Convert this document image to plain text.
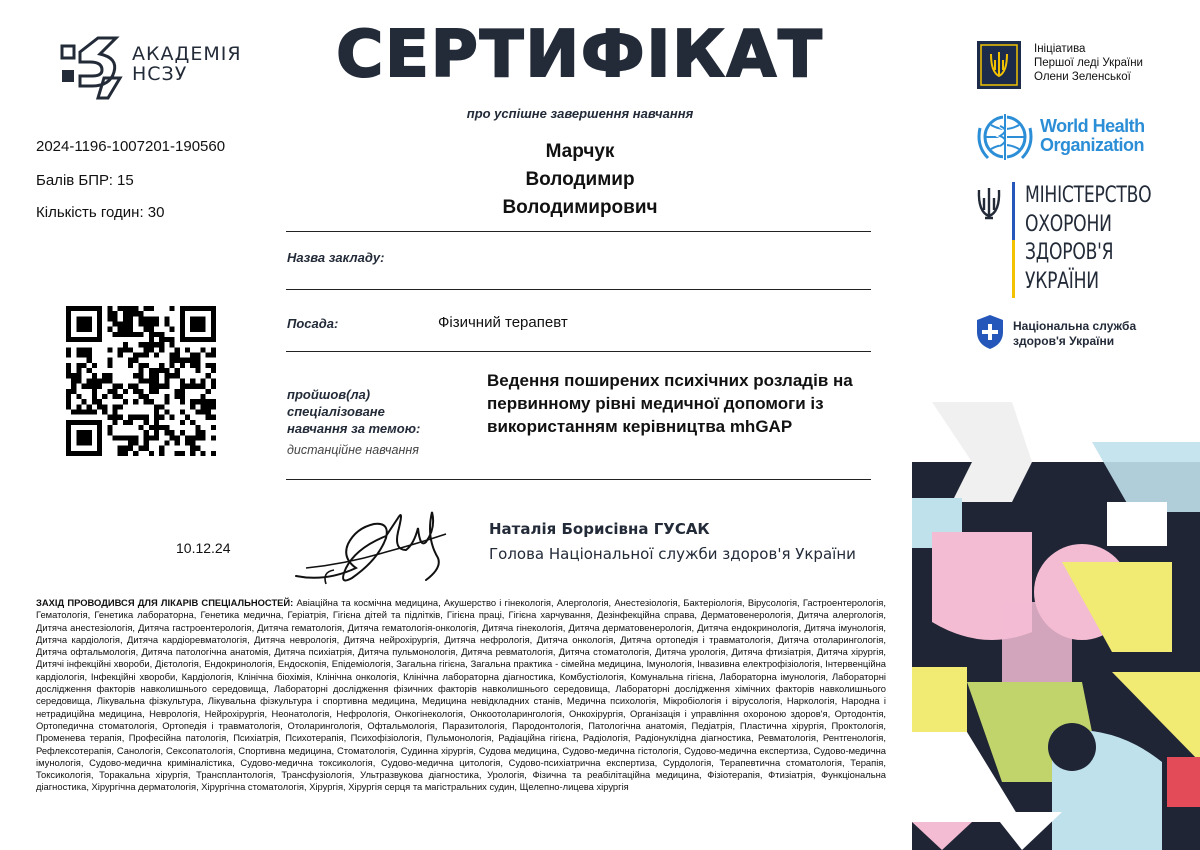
АКАДЕМІЯ
НСЗУ	СЕРТИФІКАТ
про успішне завершення навчання
2024-1196-1007201-190560
Балів БПР: 15
Кількість годин: 30
Марчук
Володимир
Володимирович
Назва закладу:
Посада:	Фізичний терапевт
пройшов(ла)
спеціалізоване
навчання за темою:
дистанційне навчання
Ведення поширених психічних розладів на первинному рівні медичної допомоги із використанням керівництва mhGAP
10.12.24
Наталія Борисівна ГУСАК
Голова Національної служби здоров'я України
ЗАХІД ПРОВОДИВСЯ ДЛЯ ЛІКАРІВ СПЕЦІАЛЬНОСТЕЙ: Авіаційна та космічна медицина, Акушерство і гінекологія, Алергологія, Анестезіологія, Бактеріологія, Вірусологія, Гастроентерологія, Гематологія, Генетика лабораторна, Генетика медична, Геріатрія, Гігієна дітей та підлітків, Гігієна праці, Гігієна харчування, Дезінфекційна справа, Дерматовенерологія, Дитяча алергологія, Дитяча анестезіологія, Дитяча гастроентерологія, Дитяча гематологія, Дитяча гематологія-онкологія, Дитяча гінекологія, Дитяча дерматовенерологія, Дитяча ендокринологія, Дитяча імунологія, Дитяча кардіологія, Дитяча кардіоревматологія, Дитяча неврологія, Дитяча нейрохірургія, Дитяча нефрологія, Дитяча онкологія, Дитяча ортопедія і травматологія, Дитяча отоларингологія, Дитяча офтальмологія, Дитяча патологічна анатомія, Дитяча психіатрія, Дитяча пульмонологія, Дитяча ревматологія, Дитяча стоматологія, Дитяча урологія, Дитяча фтизіатрія, Дитяча хірургія, Дитячі інфекційні хвороби, Дієтологія, Ендокринологія, Ендоскопія, Епідеміологія, Загальна гігієна, Загальна практика - сімейна медицина, Імунологія, Інвазивна електрофізіологія, Інтервенційна кардіологія, Інфекційні хвороби, Кардіологія, Клінічна біохімія, Клінічна онкологія, Клінічна лабораторна діагностика, Комбустіологія, Комунальна гігієна, Лабораторна імунологія, Лабораторні дослідження факторів навколишнього середовища, Лабораторні дослідження фізичних факторів навколишнього середовища, Лабораторні дослідження хімічних факторів навколишнього середовища, Лікувальна фізкультура, Лікувальна фізкультура і спортивна медицина, Медицина невідкладних станів, Медична психологія, Мікробіологія і вірусологія, Наркологія, Народна і нетрадиційна медицина, Неврологія, Нейрохірургія, Неонатологія, Нефрологія, Онкогінекологія, Онкоотоларингологія, Онкохірургія, Організація і управління охороною здоров'я, Ортодонтія, Ортопедична стоматологія, Ортопедія і травматологія, Отоларингологія, Офтальмологія, Паразитологія, Пародонтологія, Патологічна анатомія, Педіатрія, Пластична хірургія, Проктологія, Променева терапія, Професійна патологія, Психіатрія, Психотерапія, Психофізіологія, Пульмонологія, Радіаційна гігієна, Радіологія, Радіонуклідна діагностика, Ревматологія, Рентгенологія, Рефлексотерапія, Санологія, Сексопатологія, Спортивна медицина, Стоматологія, Судинна хірургія, Судова медицина, Судово-медична гістологія, Судово-медична експертиза, Судово-медична імунологія, Судово-медична криміналістика, Судово-медична токсикологія, Судово-медична цитологія, Судово-психіатрична експертиза, Сурдологія, Терапевтична стоматологія, Терапія, Токсикологія, Торакальна хірургія, Трансплантологія, Трансфузіологія, Ультразвукова діагностика, Урологія, Фізична та реабілітаційна медицина, Фізіотерапія, Фтизіатрія, Функціональна діагностика, Хірургічна дерматологія, Хірургічна стоматологія, Хірургія, Хірургія серця та магістральних судин, Щелепно-лицева хірургія
Ініціатива
Першої леді України
Олени Зеленської
World Health
Organization
МІНІСТЕРСТВО
ОХОРОНИ
ЗДОРОВ'Я
УКРАЇНИ
Національна служба
здоров'я України
